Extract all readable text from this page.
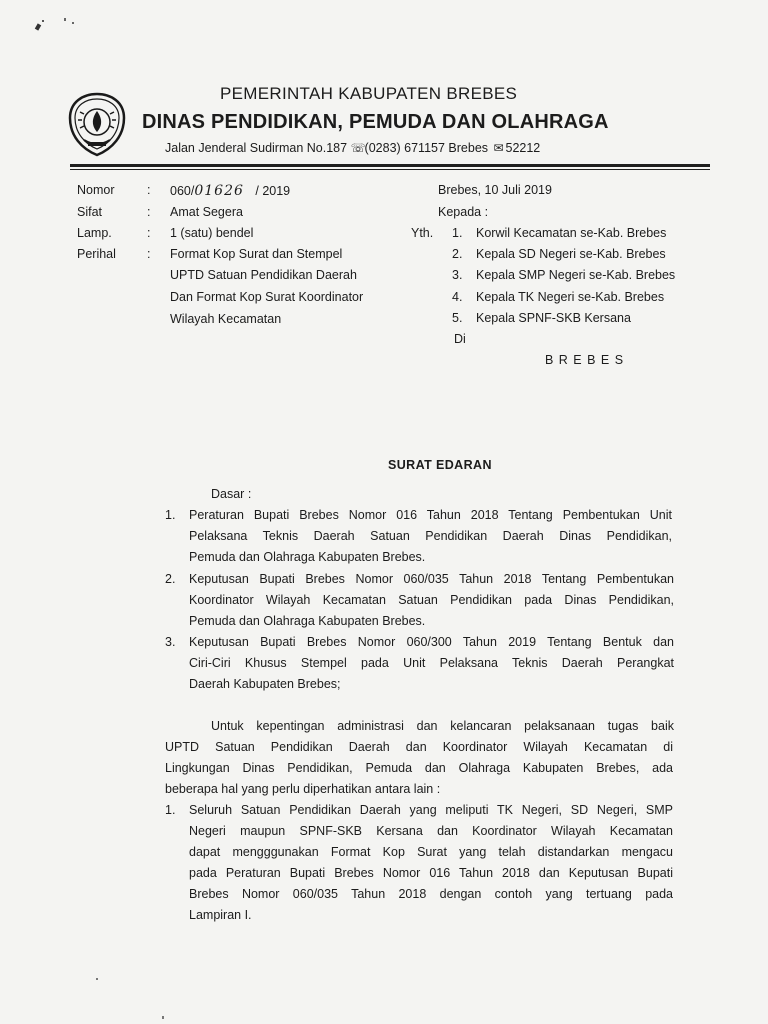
PEMERINTAH KABUPATEN BREBES
DINAS PENDIDIKAN, PEMUDA DAN OLAHRAGA
Jalan Jenderal Sudirman No.187 ☏(0283) 671157 Brebes ✉ 52212
Nomor	: 060/01626 / 2019
Sifat	: Amat Segera
Lamp.	: 1 (satu) bendel
Perihal : Format Kop Surat dan Stempel
UPTD Satuan Pendidikan Daerah
Dan Format Kop Surat Koordinator
Wilayah Kecamatan
Brebes, 10 Juli 2019
Kepada :
Yth. 1. Korwil Kecamatan se-Kab. Brebes
2. Kepala SD Negeri se-Kab. Brebes
3. Kepala SMP Negeri se-Kab. Brebes
4. Kepala TK Negeri se-Kab. Brebes
5. Kepala SPNF-SKB Kersana
Di
B R E B E S
SURAT EDARAN
Dasar :
1. Peraturan Bupati Brebes Nomor 016 Tahun 2018 Tentang Pembentukan Unit
Pelaksana Teknis Daerah Satuan Pendidikan Daerah Dinas Pendidikan,
Pemuda dan Olahraga Kabupaten Brebes.
2. Keputusan Bupati Brebes Nomor 060/035 Tahun 2018 Tentang Pembentukan
Koordinator Wilayah Kecamatan Satuan Pendidikan pada Dinas Pendidikan,
Pemuda dan Olahraga Kabupaten Brebes.
3. Keputusan Bupati Brebes Nomor 060/300 Tahun 2019 Tentang Bentuk dan
Ciri-Ciri Khusus Stempel pada Unit Pelaksana Teknis Daerah Perangkat
Daerah Kabupaten Brebes;
Untuk kepentingan administrasi dan kelancaran pelaksanaan tugas baik
UPTD Satuan Pendidikan Daerah dan Koordinator Wilayah Kecamatan di
Lingkungan Dinas Pendidikan, Pemuda dan Olahraga Kabupaten Brebes, ada
beberapa hal yang perlu diperhatikan antara lain :
1. Seluruh Satuan Pendidikan Daerah yang meliputi TK Negeri, SD Negeri, SMP
Negeri maupun SPNF-SKB Kersana dan Koordinator Wilayah Kecamatan
dapat mengggunakan Format Kop Surat yang telah distandarkan mengacu
pada Peraturan Bupati Brebes Nomor 016 Tahun 2018 dan Keputusan Bupati
Brebes Nomor 060/035 Tahun 2018 dengan contoh yang tertuang pada
Lampiran I.
